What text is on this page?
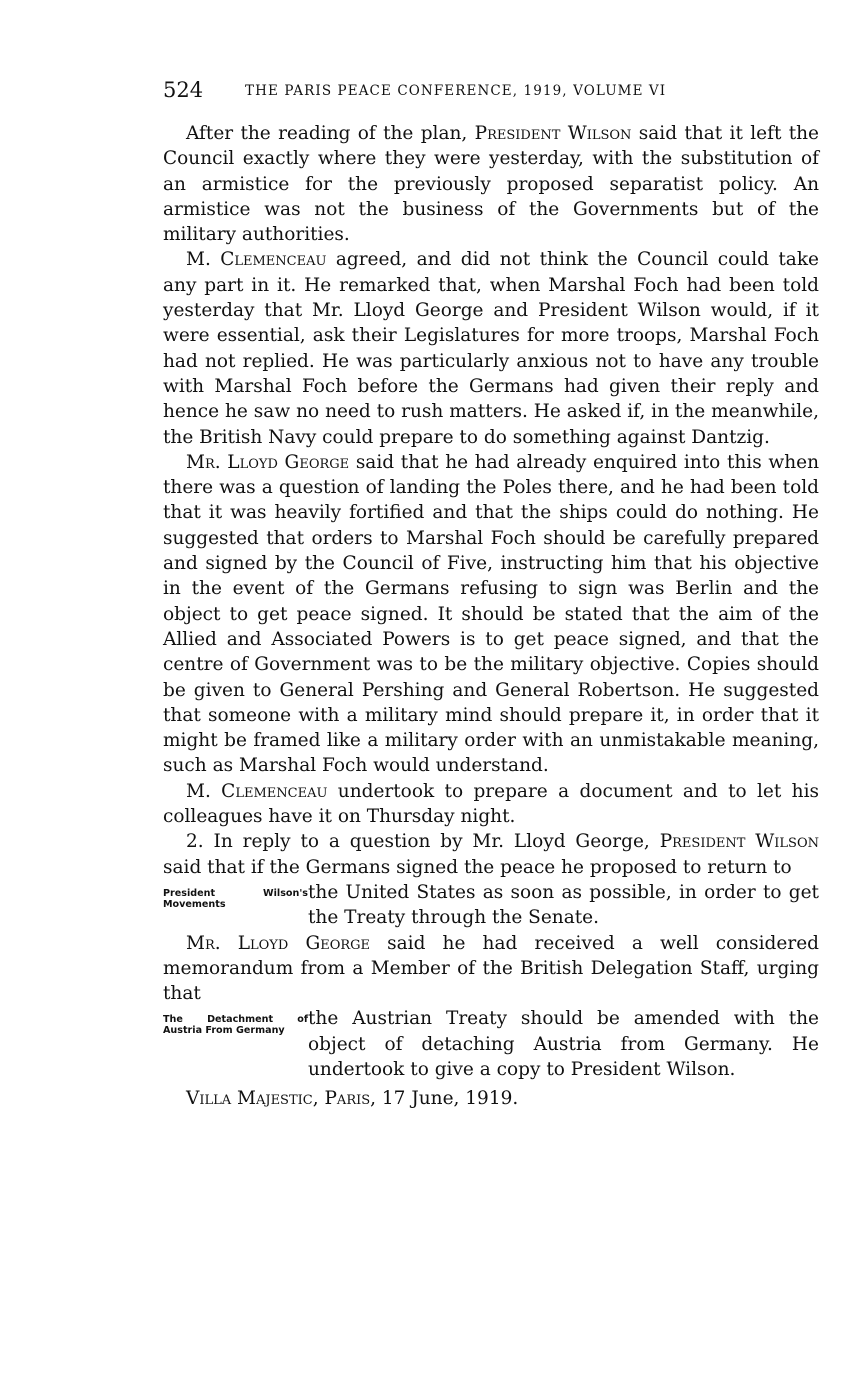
524	THE PARIS PEACE CONFERENCE, 1919, VOLUME VI

After the reading of the plan, President Wilson said that it left the Council exactly where they were yesterday, with the substitution of an armistice for the previously proposed separatist policy. An armistice was not the business of the Governments but of the military authorities.

M. Clemenceau agreed, and did not think the Council could take any part in it. He remarked that, when Marshal Foch had been told yesterday that Mr. Lloyd George and President Wilson would, if it were essential, ask their Legislatures for more troops, Marshal Foch had not replied. He was particularly anxious not to have any trouble with Marshal Foch before the Germans had given their reply and hence he saw no need to rush matters. He asked if, in the meanwhile, the British Navy could prepare to do something against Dantzig.

Mr. Lloyd George said that he had already enquired into this when there was a question of landing the Poles there, and he had been told that it was heavily fortified and that the ships could do nothing. He suggested that orders to Marshal Foch should be carefully prepared and signed by the Council of Five, instructing him that his objective in the event of the Germans refusing to sign was Berlin and the object to get peace signed. It should be stated that the aim of the Allied and Associated Powers is to get peace signed, and that the centre of Government was to be the military objective. Copies should be given to General Pershing and General Robertson. He suggested that someone with a military mind should prepare it, in order that it might be framed like a military order with an unmistakable meaning, such as Marshal Foch would understand.

M. Clemenceau undertook to prepare a document and to let his colleagues have it on Thursday night.

2. In reply to a question by Mr. Lloyd George, President Wilson said that if the Germans signed the peace he proposed to return to

President Wilson's Movements

the United States as soon as possible, in order to get the Treaty through the Senate.

Mr. Lloyd George said he had received a well considered memorandum from a Member of the British Delegation Staff, urging that

The Detachment of Austria From Germany

the Austrian Treaty should be amended with the object of detaching Austria from Germany. He undertook to give a copy to President Wilson.

Villa Majestic, Paris, 17 June, 1919.
